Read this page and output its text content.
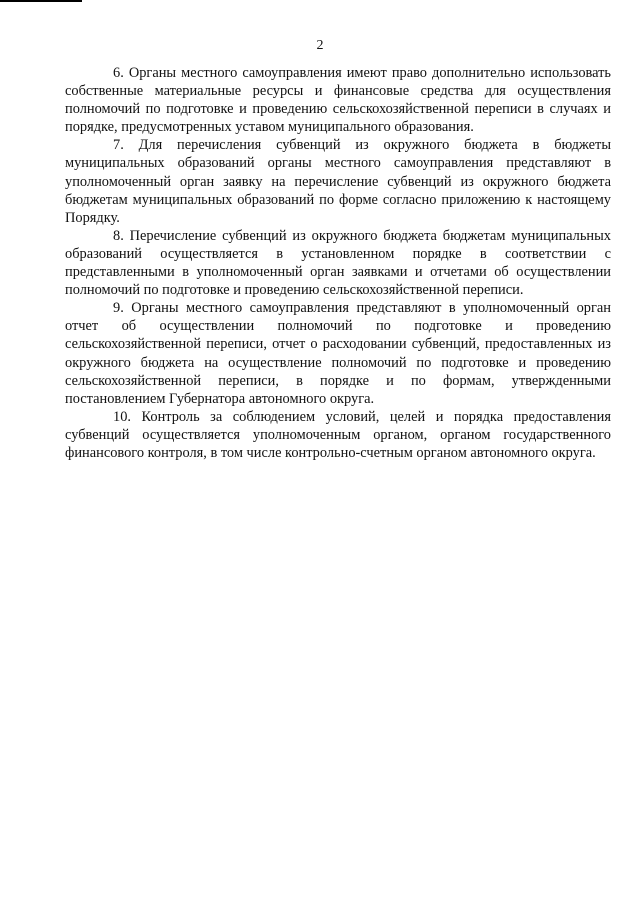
2

6. Органы местного самоуправления имеют право дополнительно использовать собственные материальные ресурсы и финансовые средства для осуществления полномочий по подготовке и проведению сельскохозяйственной переписи в случаях и порядке, предусмотренных уставом муниципального образования.

7. Для перечисления субвенций из окружного бюджета в бюджеты муниципальных образований органы местного самоуправления представляют в уполномоченный орган заявку на перечисление субвенций из окружного бюджета бюджетам муниципальных образований по форме согласно приложению к настоящему Порядку.

8. Перечисление субвенций из окружного бюджета бюджетам муниципальных образований осуществляется в установленном порядке в соответствии с представленными в уполномоченный орган заявками и отчетами об осуществлении полномочий по подготовке и проведению сельскохозяйственной переписи.

9. Органы местного самоуправления представляют в уполномоченный орган отчет об осуществлении полномочий по подготовке и проведению сельскохозяйственной переписи, отчет о расходовании субвенций, предоставленных из окружного бюджета на осуществление полномочий по подготовке и проведению сельскохозяйственной переписи, в порядке и по формам, утвержденными постановлением Губернатора автономного округа.

10. Контроль за соблюдением условий, целей и порядка предоставления субвенций осуществляется уполномоченным органом, органом государственного финансового контроля, в том числе контрольно-счетным органом автономного округа.
